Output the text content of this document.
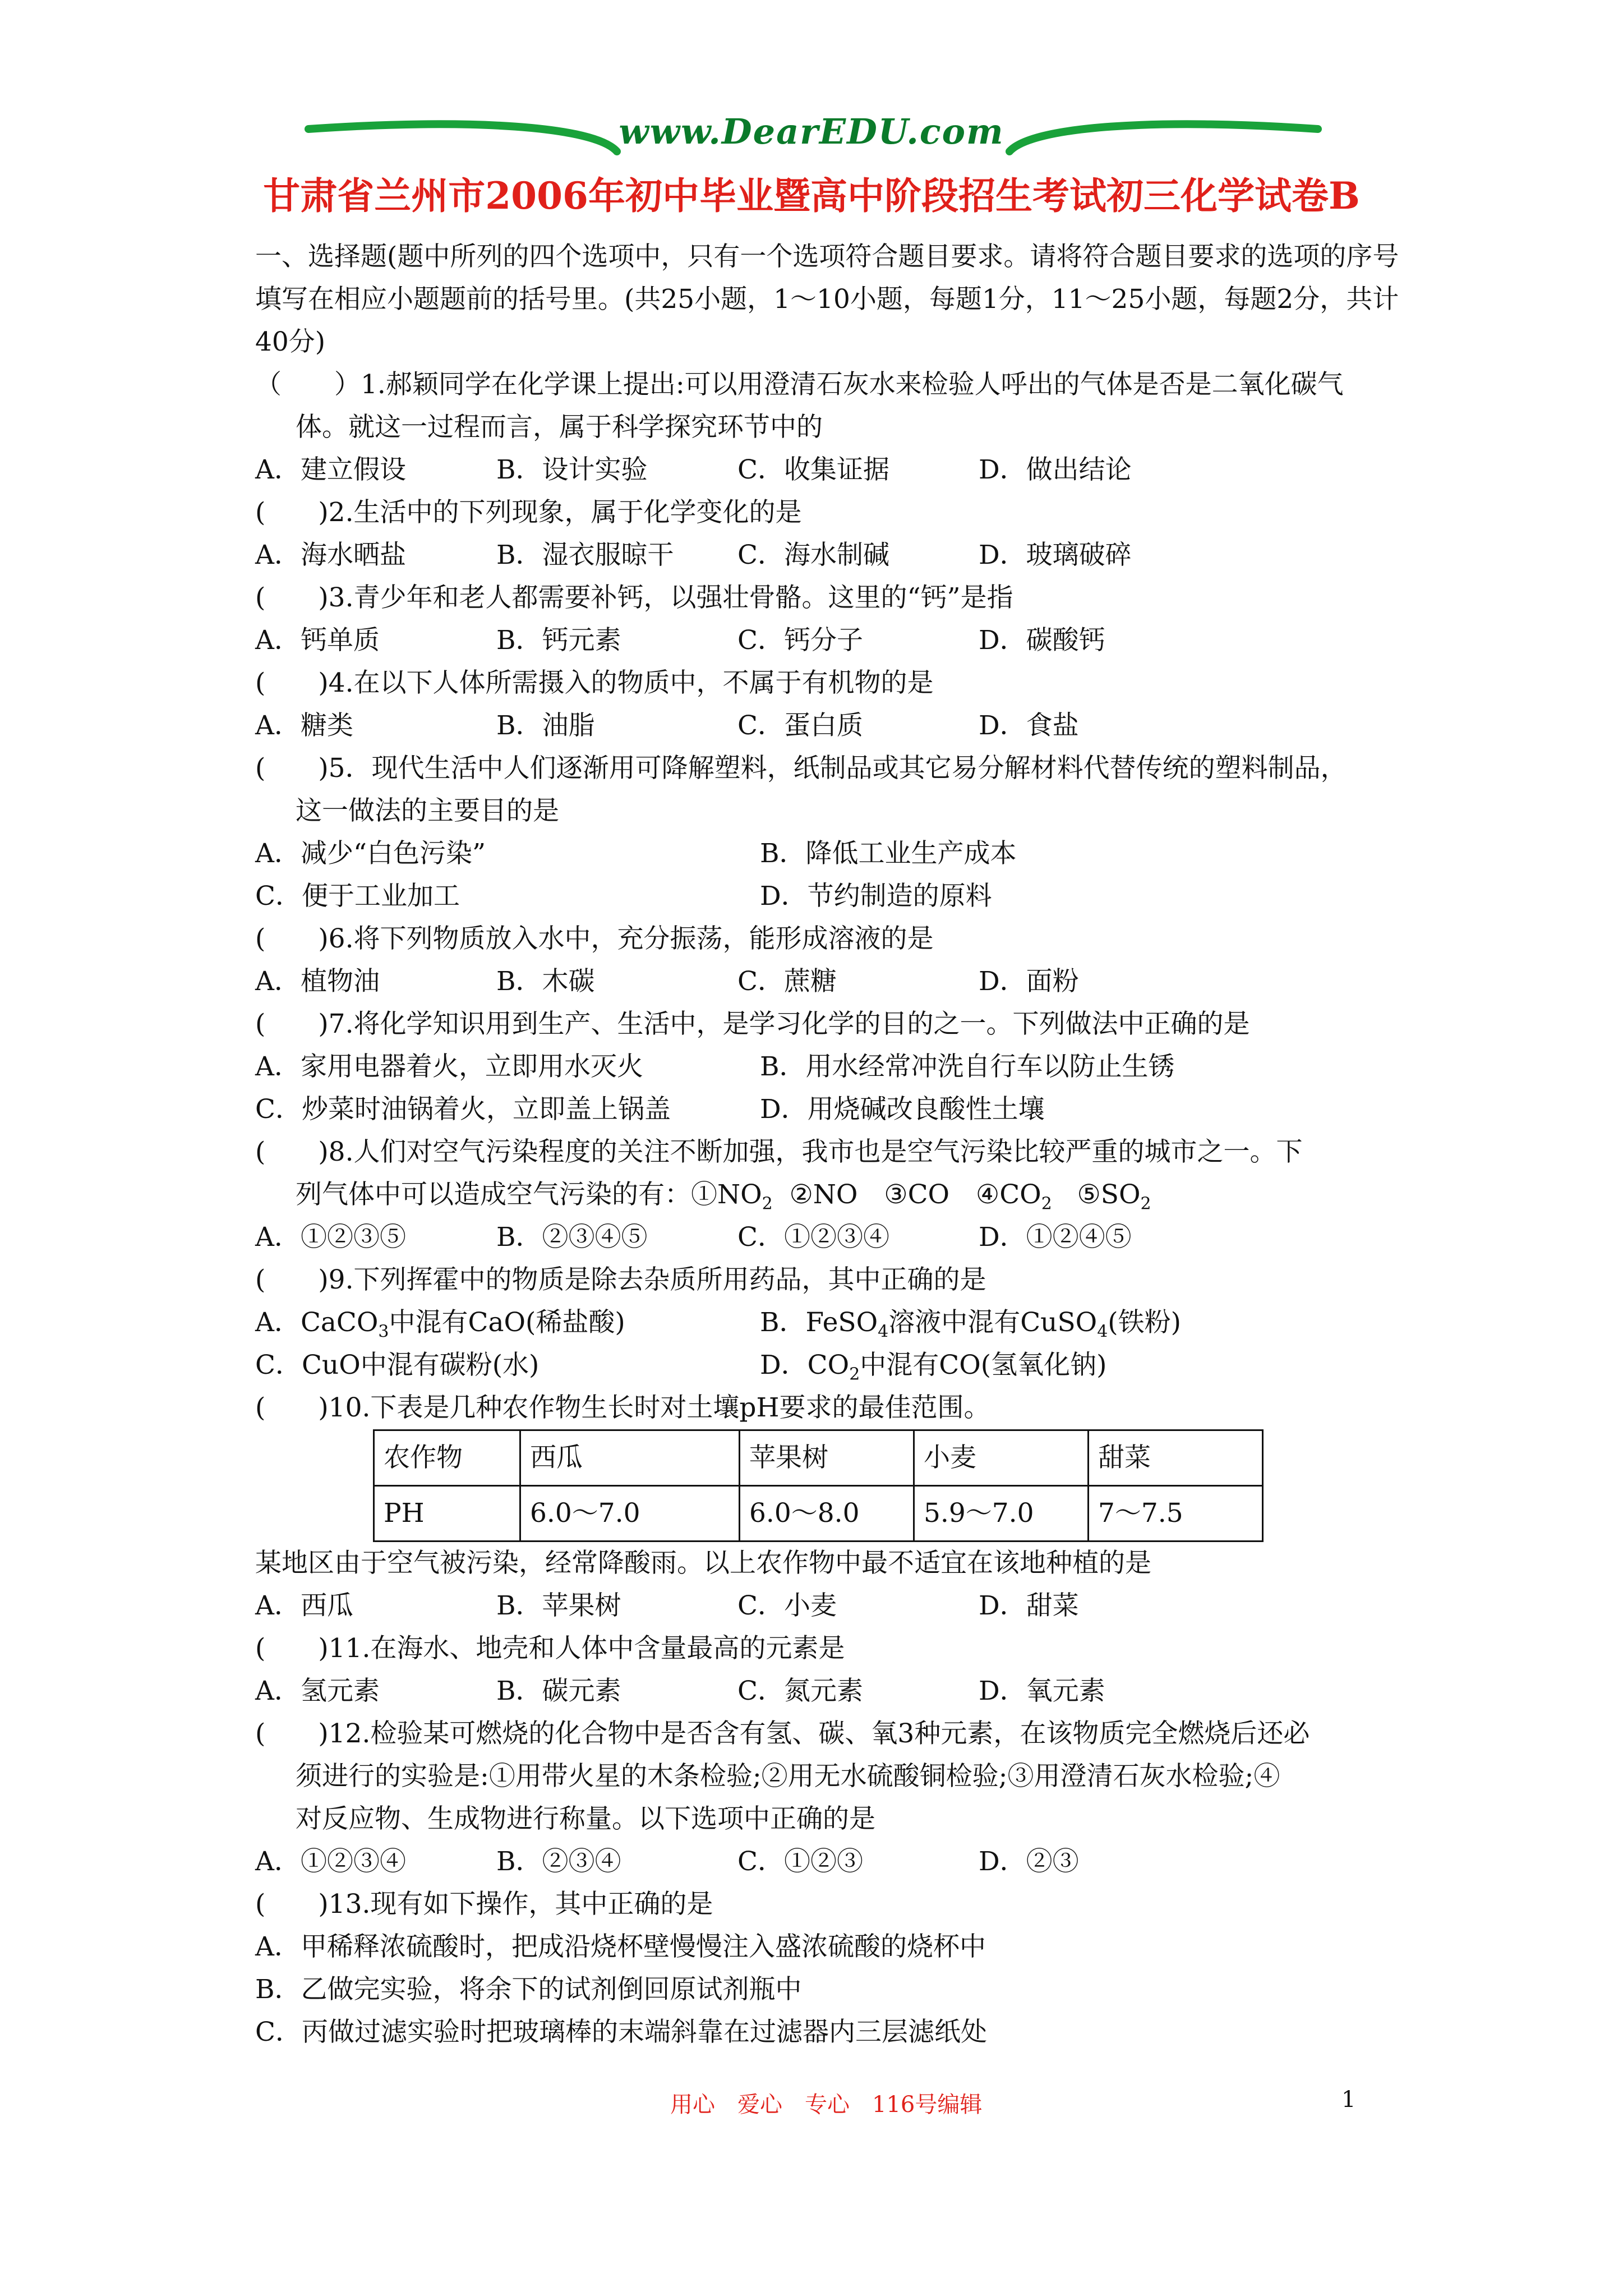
www.DearEDU.com
甘肃省兰州市2006年初中毕业暨高中阶段招生考试初三化学试卷B
一、选择题(题中所列的四个选项中，只有一个选项符合题目要求。请将符合题目要求的选项的序号填写在相应小题题前的括号里。(共25小题，1～10小题，每题1分，11～25小题，每题2分，共计40分)
（　　）1.郝颖同学在化学课上提出:可以用澄清石灰水来检验人呼出的气体是否是二氧化碳气
体。就这一过程而言，属于科学探究环节中的
A．建立假设	B．设计实验	C．收集证据	D．做出结论
(　　)2.生活中的下列现象，属于化学变化的是
A．海水晒盐	B．湿衣服晾干	C．海水制碱	D．玻璃破碎
(　　)3.青少年和老人都需要补钙，以强壮骨骼。这里的“钙”是指
A．钙单质	B．钙元素	C．钙分子	D．碳酸钙
(　　)4.在以下人体所需摄入的物质中，不属于有机物的是
A．糖类	B．油脂	C．蛋白质	D．食盐
(　　)5．现代生活中人们逐渐用可降解塑料，纸制品或其它易分解材料代替传统的塑料制品，
这一做法的主要目的是
A．减少“白色污染”	B．降低工业生产成本
C．便于工业加工	D．节约制造的原料
(　　)6.将下列物质放入水中，充分振荡，能形成溶液的是
A．植物油	B．木碳	C．蔗糖	D．面粉
(　　)7.将化学知识用到生产、生活中，是学习化学的目的之一。下列做法中正确的是
A．家用电器着火，立即用水灭火	B．用水经常冲洗自行车以防止生锈
C．炒菜时油锅着火，立即盖上锅盖	D．用烧碱改良酸性土壤
(　　)8.人们对空气污染程度的关注不断加强，我市也是空气污染比较严重的城市之一。下
列气体中可以造成空气污染的有：$①NO_2$ ②NO　③CO　$④CO_2$ $⑤SO_2$
A．①②③⑤	B．②③④⑤	C．①②③④	D．①②④⑤
(　　)9.下列挥霍中的物质是除去杂质所用药品，其中正确的是
A．CaCO$_3$中混有CaO(稀盐酸)	B．FeSO$_4$溶液中混有CuSO$_4$(铁粉)
C．CuO中混有碳粉(水)	D．$CO_2$中混有CO(氢氧化钠)
(　　)10.下表是几种农作物生长时对土壤pH要求的最佳范围。
农作物	西瓜	苹果树	小麦	甜菜
PH	6.0～7.0	6.0～8.0	5.9～7.0	7～7.5
某地区由于空气被污染，经常降酸雨。以上农作物中最不适宜在该地种植的是
A．西瓜	B．苹果树	C．小麦	D．甜菜
(　　)11.在海水、地壳和人体中含量最高的元素是
A．氢元素	B．碳元素	C．氮元素	D．氧元素
(　　)12.检验某可燃烧的化合物中是否含有氢、碳、氧3种元素，在该物质完全燃烧后还必
须进行的实验是:①用带火星的木条检验;②用无水硫酸铜检验;③用澄清石灰水检验;④
对反应物、生成物进行称量。以下选项中正确的是
A．①②③④	B．②③④	C．①②③	D．②③
(　　)13.现有如下操作，其中正确的是
A．甲稀释浓硫酸时，把成沿烧杯壁慢慢注入盛浓硫酸的烧杯中
B．乙做完实验，将余下的试剂倒回原试剂瓶中
C．丙做过滤实验时把玻璃棒的末端斜靠在过滤器内三层滤纸处
用心　爱心　专心　116号编辑	1
